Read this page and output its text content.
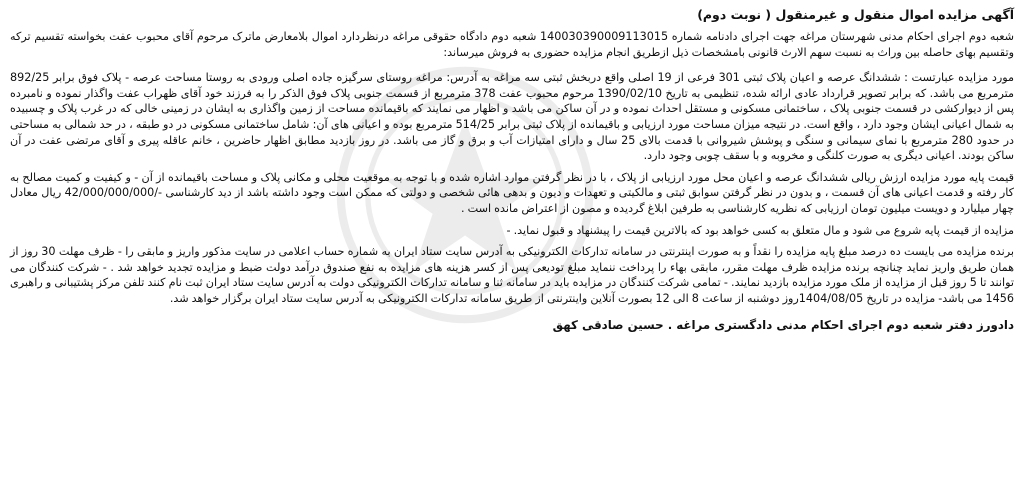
آگهی مزایده اموال منقول و غیرمنقول ( نوبت دوم)

شعبه دوم اجرای احکام مدنی شهرستان مراغه جهت اجرای دادنامه شماره 140030390009113015 شعبه دوم دادگاه حقوقی مراغه درنظردارد اموال بلامعارض ماترک مرحوم آقای محبوب عفت بخواسته تقسیم ترکه وتقسیم بهای حاصله بین وراث به نسبت سهم الارث قانونی بامشخصات ذیل ازطریق انجام مزایده حضوری به فروش میرساند:

مورد مزایده عبارتست : ششدانگ عرصه و اعیان پلاک ثبتی 301 فرعی از 19 اصلی واقع دربخش ثبتی سه مراغه به آدرس: مراغه روستای سرگیزه جاده اصلی ورودی به روستا مساحت عرصه - پلاک فوق برابر 892/25 مترمربع می باشد. که برابر تصویر قرارداد عادی ارائه شده، تنظیمی به تاریخ 1390/02/10 مرحوم محبوب عفت 378 مترمربع از قسمت جنوبی پلاک فوق الذکر را به فرزند خود آقای ظهراب عفت واگذار نموده و نامبرده پس از دیوارکشی در قسمت جنوبی پلاک ، ساختمانی مسکونی و مستقل احداث نموده و در آن ساکن می باشد و اظهار می نمایند که باقیمانده مساحت از زمین واگذاری به ایشان در زمینی خالی که در غرب پلاک و چسبیده به شمال اعیانی ایشان وجود دارد ، واقع است. در نتیجه میزان مساحت مورد ارزیابی و باقیمانده از پلاک ثبتی برابر 514/25 مترمربع بوده و اعیانی های آن: شامل ساختمانی مسکونی در دو طبقه ، در حد شمالی به مساحتی در حدود 280 مترمربع با نمای سیمانی و سنگی و پوشش شیروانی با قدمت بالای 25 سال و دارای امتیازات آب و برق و گاز می باشد. در روز بازدید مطابق اظهار حاضرین ، خانم عاقله پیری و آقای مرتضی عفت در آن ساکن بودند. اعیانی دیگری به صورت کلنگی و مخروبه و با سقف چوبی وجود دارد.

قیمت پایه مورد مزایده ارزش ریالی ششدانگ عرصه و اعیان محل مورد ارزیابی از پلاک ، با در نظر گرفتن موارد اشاره شده و با توجه به موقعیت محلی و مکانی پلاک و مساحت باقیمانده از آن - و کیفیت و کمیت مصالح به کار رفته و قدمت اعیانی های آن قسمت ، و بدون در نظر گرفتن سوابق ثبتی و مالکیتی و تعهدات و دیون و بدهی هائی شخصی و دولتی که ممکن است وجود داشته باشد از دید کارشناسی -/42/000/000/000 ریال معادل چهار میلیارد و دویست میلیون تومان ارزیابی که نظریه کارشناسی به طرفین ابلاغ گردیده و مصون از اعتراض مانده است .

مزایده از قیمت پایه شروع می شود و مال متعلق به کسی خواهد بود که بالاترین قیمت را پیشنهاد و قبول نماید. -

برنده مزایده می بایست ده درصد مبلغ پایه مزایده را نقداً و به صورت اینترنتی در سامانه تدارکات الکترونیکی به آدرس سایت ستاد ایران به شماره حساب اعلامی در سایت مذکور واریز و مابقی را - ظرف مهلت 30 روز از همان طریق واریز نماید چنانچه برنده مزایده ظرف مهلت مقرر، مابقی بهاء را پرداخت ننماید مبلغ تودیعی پس از کسر هزینه های مزایده به نفع صندوق درآمد دولت ضبط و مزایده تجدید خواهد شد . - شرکت کنندگان می توانند تا 5 روز قبل از مزایده از ملک مورد مزایده بازدید نمایند. - تمامی شرکت کنندگان در مزایده باید در سامانه ثنا و سامانه تدارکات الکترونیکی دولت به آدرس سایت ستاد ایران ثبت نام کنند تلفن مرکز پشتیبانی و راهبری 1456 می باشد- مزایده در تاریخ 1404/08/05روز دوشنبه از ساعت 8 الی 12 بصورت آنلاین واینترنتی از طریق سامانه تدارکات الکترونیکی به آدرس سایت ستاد ایران برگزار خواهد شد.

دادورز دفتر شعبه دوم اجرای احکام مدنی دادگستری مراغه . حسین صادقی کهق
